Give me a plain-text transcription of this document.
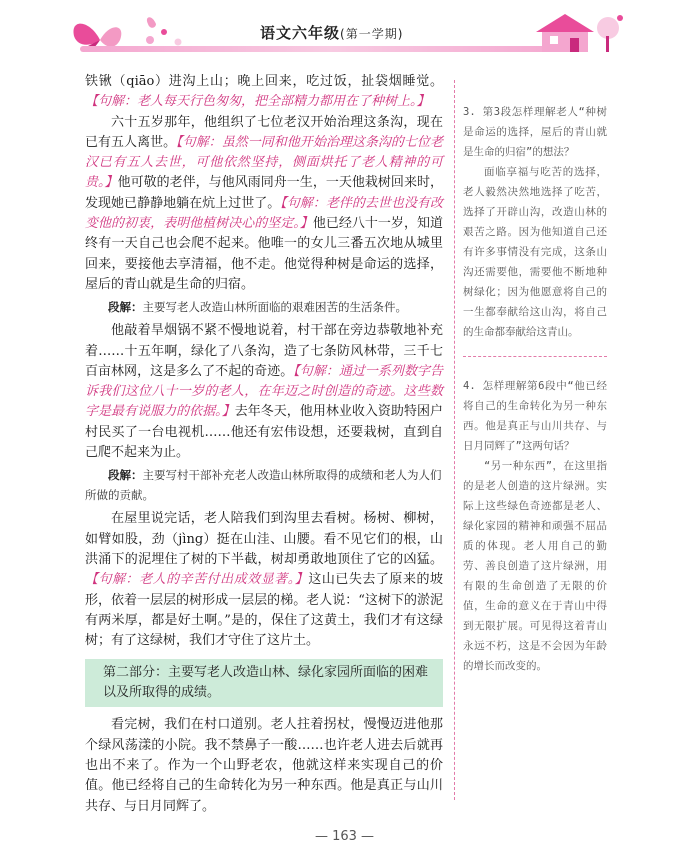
语文六年级(第一学期)

铁锹（qiāo）进沟上山；晚上回来，吃过饭，扯袋烟睡觉。【句解：老人每天行色匆匆，把全部精力都用在了种树上。】

六十五岁那年，他组织了七位老汉开始治理这条沟，现在已有五人离世。【句解：虽然一同和他开始治理这条沟的七位老汉已有五人去世，可他依然坚持，侧面烘托了老人精神的可贵。】他可敬的老伴，与他风雨同舟一生，一天他栽树回来时，发现她已静静地躺在炕上过世了。【句解：老伴的去世也没有改变他的初衷，表明他植树决心的坚定。】他已经八十一岁，知道终有一天自己也会爬不起来。他唯一的女儿三番五次地从城里回来，要接他去享清福，他不走。他觉得种树是命运的选择，屋后的青山就是生命的归宿。

段解：主要写老人改造山林所面临的艰难困苦的生活条件。

他敲着旱烟锅不紧不慢地说着，村干部在旁边恭敬地补充着……十五年啊，绿化了八条沟，造了七条防风林带，三千七百亩林网，这是多么了不起的奇迹。【句解：通过一系列数字告诉我们这位八十一岁的老人，在年迈之时创造的奇迹。这些数字是最有说服力的依据。】去年冬天，他用林业收入资助特困户村民买了一台电视机……他还有宏伟设想，还要栽树，直到自己爬不起来为止。

段解：主要写村干部补充老人改造山林所取得的成绩和老人为人们所做的贡献。

在屋里说完话，老人陪我们到沟里去看树。杨树、柳树，如臂如股，劲（jìng）挺在山洼、山腰。看不见它们的根，山洪涌下的泥埋住了树的下半截，树却勇敢地顶住了它的凶猛。【句解：老人的辛苦付出成效显著。】这山已失去了原来的坡形，依着一层层的树形成一层层的梯。老人说：“这树下的淤泥有两米厚，都是好土啊。”是的，保住了这黄土，我们才有这绿树；有了这绿树，我们才守住了这片土。

第二部分：主要写老人改造山林、绿化家园所面临的困难以及所取得的成绩。

看完树，我们在村口道别。老人拄着拐杖，慢慢迈进他那个绿风荡漾的小院。我不禁鼻子一酸……也许老人进去后就再也出不来了。作为一个山野老农，他就这样来实现自己的价值。他已经将自己的生命转化为另一种东西。他是真正与山川共存、与日月同辉了。

3. 第3段怎样理解老人“种树是命运的选择，屋后的青山就是生命的归宿”的想法？

面临享福与吃苦的选择，老人毅然决然地选择了吃苦，选择了开辟山沟，改造山林的艰苦之路。因为他知道自己还有许多事情没有完成，这条山沟还需要他，需要他不断地种树绿化；因为他愿意将自己的一生都奉献给这山沟，将自己的生命都奉献给这青山。

4. 怎样理解第6段中“他已经将自己的生命转化为另一种东西。他是真正与山川共存、与日月同辉了”这两句话？

“另一种东西”，在这里指的是老人创造的这片绿洲。实际上这些绿色奇迹都是老人、绿化家园的精神和顽强不屈品质的体现。老人用自己的勤劳、善良创造了这片绿洲，用有限的生命创造了无限的价值，生命的意义在于青山中得到无限扩展。可见得这着青山永远不朽，这是不会因为年龄的增长而改变的。

— 163 —
